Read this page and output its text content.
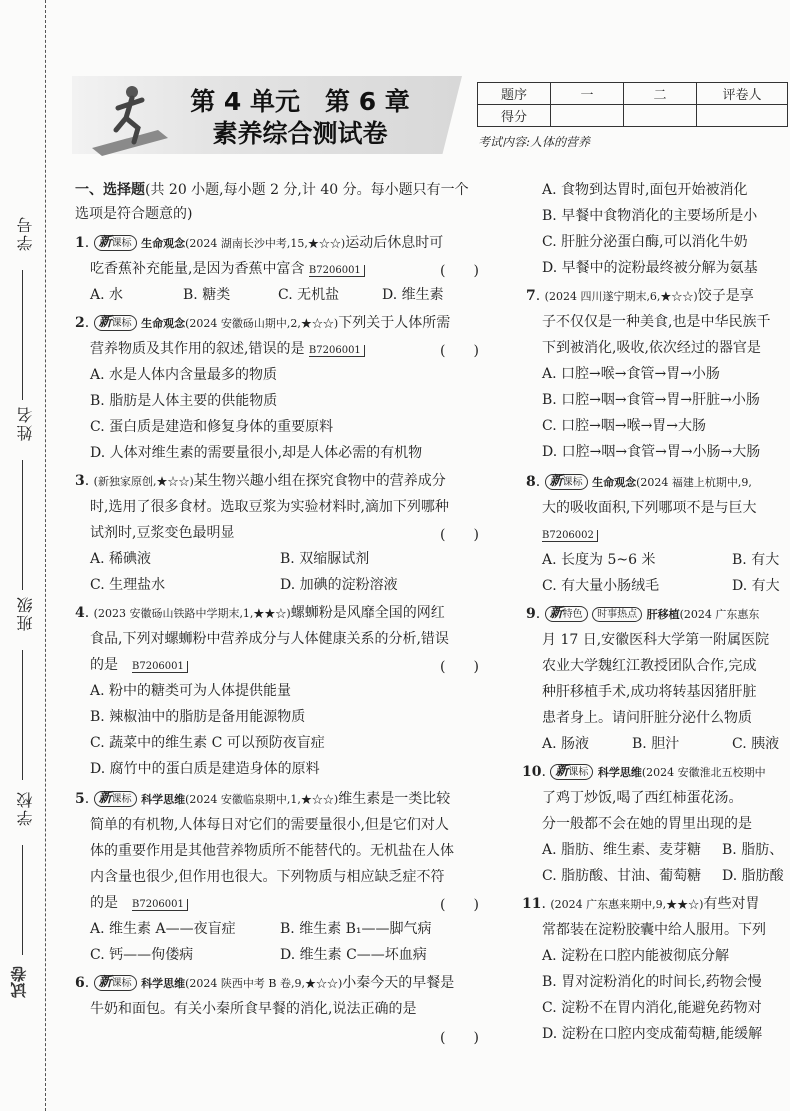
学号
姓名
班级
学校
试卷
第 4 单元　第 6 章
素养综合测试卷
题序	一	二	评卷人
得分			
考试内容:人体的营养
一、选择题(共 20 小题,每小题 2 分,计 40 分。每小题只有一个
选项是符合题意的)
1. 新课标 生命观念(2024 湖南长沙中考,15,★☆☆)运动后休息时可
吃香蕉补充能量,是因为香蕉中富含 B7206001	(　　)
A. 水	B. 糖类	C. 无机盐	D. 维生素
2. 新课标 生命观念(2024 安徽砀山期中,2,★☆☆)下列关于人体所需
营养物质及其作用的叙述,错误的是 B7206001	(　　)
A. 水是人体内含量最多的物质
B. 脂肪是人体主要的供能物质
C. 蛋白质是建造和修复身体的重要原料
D. 人体对维生素的需要量很小,却是人体必需的有机物
3. (新独家原创,★☆☆)某生物兴趣小组在探究食物中的营养成分
时,选用了很多食材。选取豆浆为实验材料时,滴加下列哪种
试剂时,豆浆变色最明显	(　　)
A. 稀碘液	B. 双缩脲试剂
C. 生理盐水	D. 加碘的淀粉溶液
4. (2023 安徽砀山铁路中学期末,1,★★☆)螺蛳粉是风靡全国的网红
食品,下列对螺蛳粉中营养成分与人体健康关系的分析,错误
的是　 B7206001	(　　)
A. 粉中的糖类可为人体提供能量
B. 辣椒油中的脂肪是备用能源物质
C. 蔬菜中的维生素 C 可以预防夜盲症
D. 腐竹中的蛋白质是建造身体的原料
5. 新课标 科学思维(2024 安徽临泉期中,1,★☆☆)维生素是一类比较
简单的有机物,人体每日对它们的需要量很小,但是它们对人
体的重要作用是其他营养物质所不能替代的。无机盐在人体
内含量也很少,但作用也很大。下列物质与相应缺乏症不符
的是　 B7206001	(　　)
A. 维生素 A——夜盲症	B. 维生素 B₁——脚气病
C. 钙——佝偻病	D. 维生素 C——坏血病
6. 新课标 科学思维(2024 陕西中考 B 卷,9,★☆☆)小秦今天的早餐是
牛奶和面包。有关小秦所食早餐的消化,说法正确的是
(　　)
A. 食物到达胃时,面包开始被消化
B. 早餐中食物消化的主要场所是小
C. 肝脏分泌蛋白酶,可以消化牛奶
D. 早餐中的淀粉最终被分解为氨基
7. (2024 四川遂宁期末,6,★☆☆)饺子是享
子不仅仅是一种美食,也是中华民族千
下到被消化,吸收,依次经过的器官是
A. 口腔→喉→食管→胃→小肠
B. 口腔→咽→食管→胃→肝脏→小肠
C. 口腔→咽→喉→胃→大肠
D. 口腔→咽→食管→胃→小肠→大肠
8. 新课标 生命观念(2024 福建上杭期中,9,
大的吸收面积,下列哪项不是与巨大
B7206002
A. 长度为 5~6 米	B. 有大
C. 有大量小肠绒毛	D. 有大
9. 新特色 时事热点 肝移植(2024 广东惠东
月 17 日,安徽医科大学第一附属医院
农业大学魏红江教授团队合作,完成
种肝移植手术,成功将转基因猪肝脏
患者身上。请问肝脏分泌什么物质
A. 肠液	B. 胆汁	C. 胰液
10. 新课标 科学思维(2024 安徽淮北五校期中
了鸡丁炒饭,喝了西红柿蛋花汤。
分一般都不会在她的胃里出现的是
A. 脂肪、维生素、麦芽糖 B. 脂肪、
C. 脂肪酸、甘油、葡萄糖 D. 脂肪酸
11. (2024 广东惠来期中,9,★★☆)有些对胃
常都装在淀粉胶囊中给人服用。下列
A. 淀粉在口腔内能被彻底分解
B. 胃对淀粉消化的时间长,药物会慢
C. 淀粉不在胃内消化,能避免药物对
D. 淀粉在口腔内变成葡萄糖,能缓解
